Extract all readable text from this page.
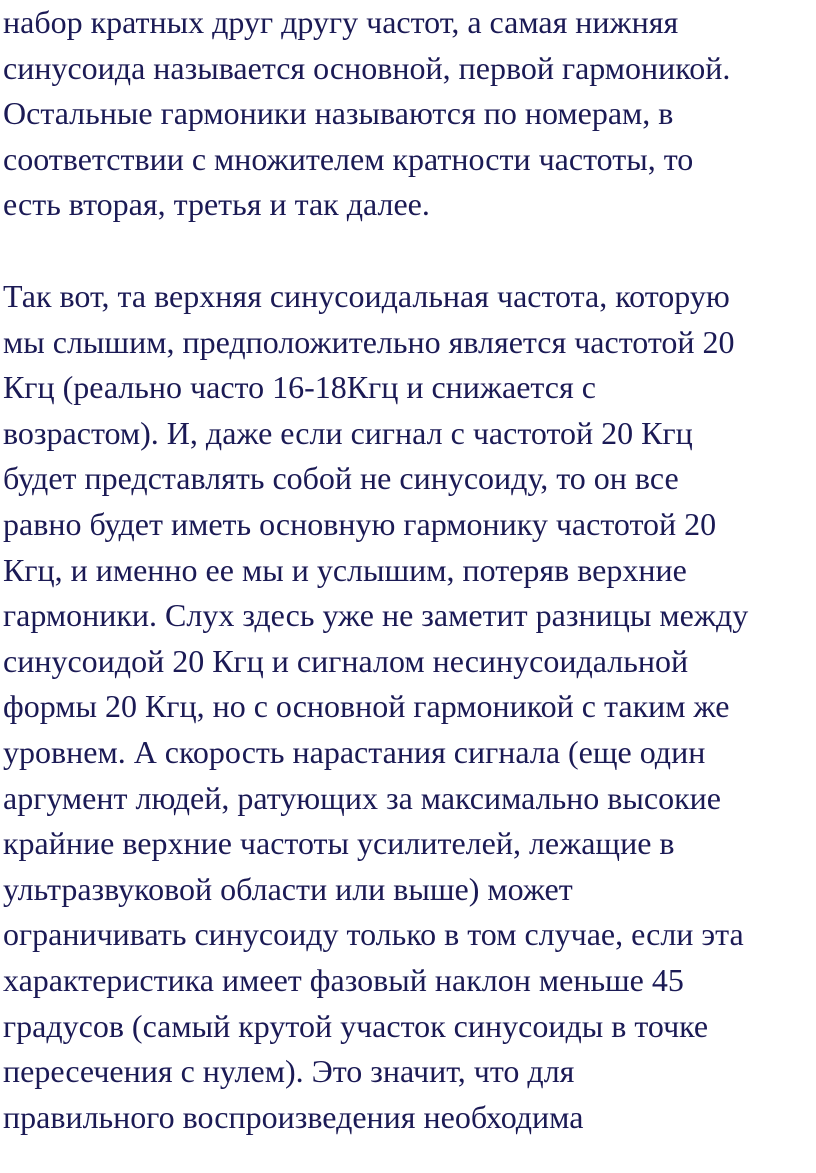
набор кратных друг другу частот, а самая нижняя
синусоида называется основной, первой гармоникой.
Остальные гармоники называются по номерам, в
соответствии с множителем кратности частоты, то
есть вторая, третья и так далее.
Так вот, та верхняя синусоидальная частота, которую
мы слышим, предположительно является частотой 20
Кгц (реально часто 16-18Кгц и снижается с
возрастом). И, даже если сигнал с частотой 20 Кгц
будет представлять собой не синусоиду, то он все
равно будет иметь основную гармонику частотой 20
Кгц, и именно ее мы и услышим, потеряв верхние
гармоники. Слух здесь уже не заметит разницы между
синусоидой 20 Кгц и сигналом несинусоидальной
формы 20 Кгц, но с основной гармоникой с таким же
уровнем. А скорость нарастания сигнала (еще один
аргумент людей, ратующих за максимально высокие
крайние верхние частоты усилителей, лежащие в
ультразвуковой области или выше) может
ограничивать синусоиду только в том случае, если эта
характеристика имеет фазовый наклон меньше 45
градусов (самый крутой участок синусоиды в точке
пересечения с нулем). Это значит, что для
правильного воспроизведения необходима
